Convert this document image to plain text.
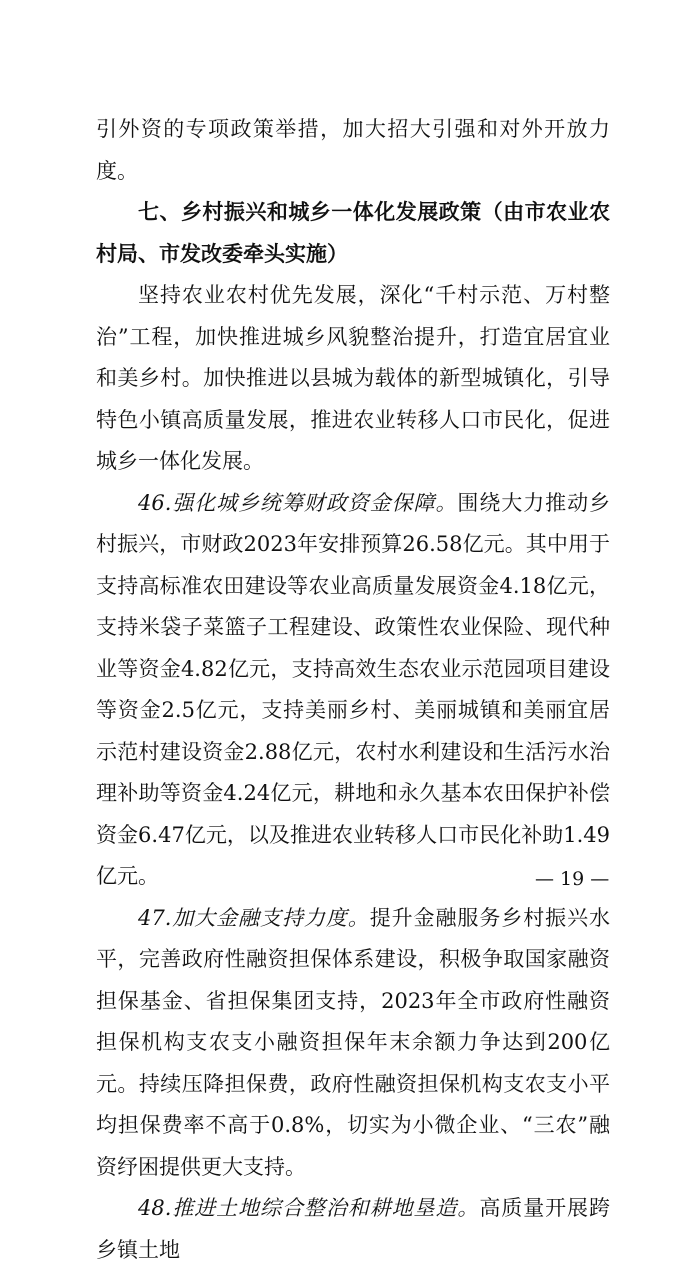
引外资的专项政策举措，加大招大引强和对外开放力度。

七、乡村振兴和城乡一体化发展政策（由市农业农村局、市发改委牵头实施）

坚持农业农村优先发展，深化“千村示范、万村整治”工程，加快推进城乡风貌整治提升，打造宜居宜业和美乡村。加快推进以县城为载体的新型城镇化，引导特色小镇高质量发展，推进农业转移人口市民化，促进城乡一体化发展。

46.强化城乡统筹财政资金保障。围绕大力推动乡村振兴，市财政2023年安排预算26.58亿元。其中用于支持高标准农田建设等农业高质量发展资金4.18亿元，支持米袋子菜篮子工程建设、政策性农业保险、现代种业等资金4.82亿元，支持高效生态农业示范园项目建设等资金2.5亿元，支持美丽乡村、美丽城镇和美丽宜居示范村建设资金2.88亿元，农村水利建设和生活污水治理补助等资金4.24亿元，耕地和永久基本农田保护补偿资金6.47亿元，以及推进农业转移人口市民化补助1.49亿元。

47.加大金融支持力度。提升金融服务乡村振兴水平，完善政府性融资担保体系建设，积极争取国家融资担保基金、省担保集团支持，2023年全市政府性融资担保机构支农支小融资担保年末余额力争达到200亿元。持续压降担保费，政府性融资担保机构支农支小平均担保费率不高于0.8%，切实为小微企业、“三农”融资纾困提供更大支持。

48.推进土地综合整治和耕地垦造。高质量开展跨乡镇土地

— 19 —
